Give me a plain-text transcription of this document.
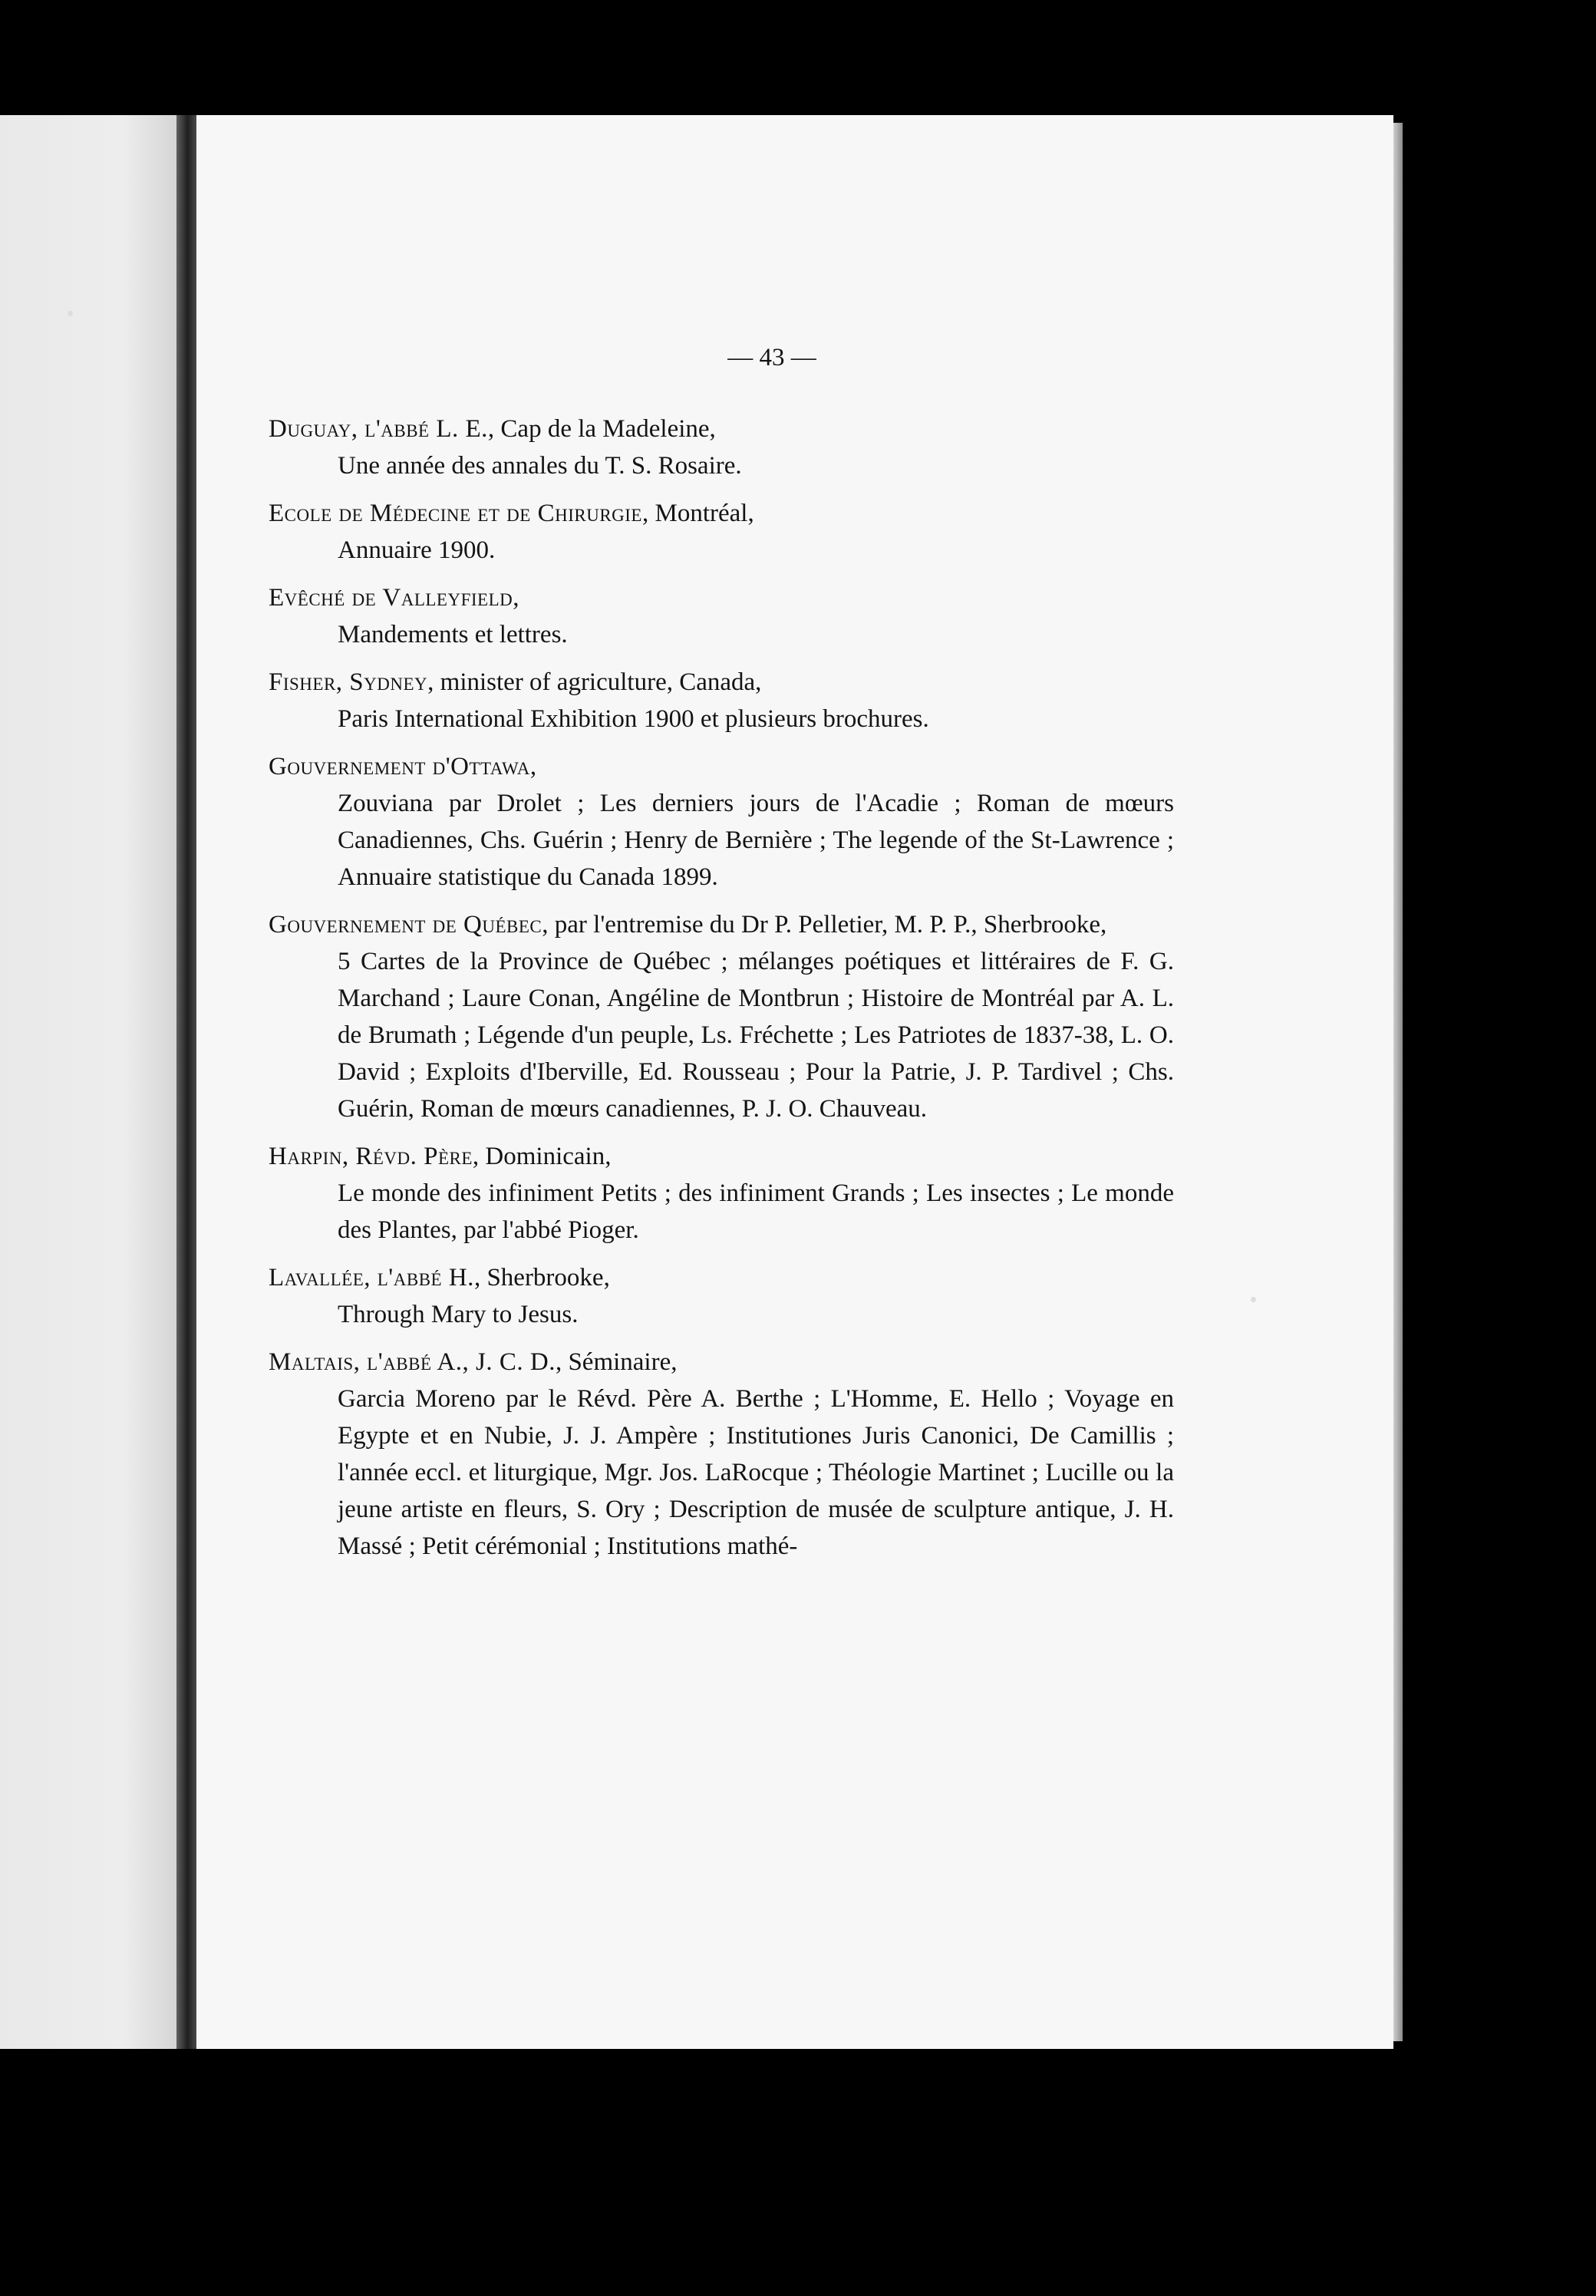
— 43 —
Duguay, l'abbé L. E., Cap de la Madeleine,
Une année des annales du T. S. Rosaire.
Ecole de Médecine et de Chirurgie, Montréal,
Annuaire 1900.
Evêché de Valleyfield,
Mandements et lettres.
Fisher, Sydney, minister of agriculture, Canada,
Paris International Exhibition 1900 et plusieurs brochures.
Gouvernement d'Ottawa,
Zouviana par Drolet ; Les derniers jours de l'Acadie ; Roman de mœurs Canadiennes, Chs. Guérin ; Henry de Bernière ; The legende of the St-Lawrence ; Annuaire statistique du Canada 1899.
Gouvernement de Québec, par l'entremise du Dr P. Pelletier, M. P. P., Sherbrooke,
5 Cartes de la Province de Québec ; mélanges poétiques et littéraires de F. G. Marchand ; Laure Conan, Angéline de Montbrun ; Histoire de Montréal par A. L. de Brumath ; Légende d'un peuple, Ls. Fréchette ; Les Patriotes de 1837-38, L. O. David ; Exploits d'Iberville, Ed. Rousseau ; Pour la Patrie, J. P. Tardivel ; Chs. Guérin, Roman de mœurs canadiennes, P. J. O. Chauveau.
Harpin, Révd. Père, Dominicain,
Le monde des infiniment Petits ; des infiniment Grands ; Les insectes ; Le monde des Plantes, par l'abbé Pioger.
Lavallée, l'abbé H., Sherbrooke,
Through Mary to Jesus.
Maltais, l'abbé A., J. C. D., Séminaire,
Garcia Moreno par le Révd. Père A. Berthe ; L'Homme, E. Hello ; Voyage en Egypte et en Nubie, J. J. Ampère ; Institutiones Juris Canonici, De Camillis ; l'année eccl. et liturgique, Mgr. Jos. LaRocque ; Théologie Martinet ; Lucille ou la jeune artiste en fleurs, S. Ory ; Description de musée de sculpture antique, J. H. Massé ; Petit cérémonial ; Institutions mathé-
